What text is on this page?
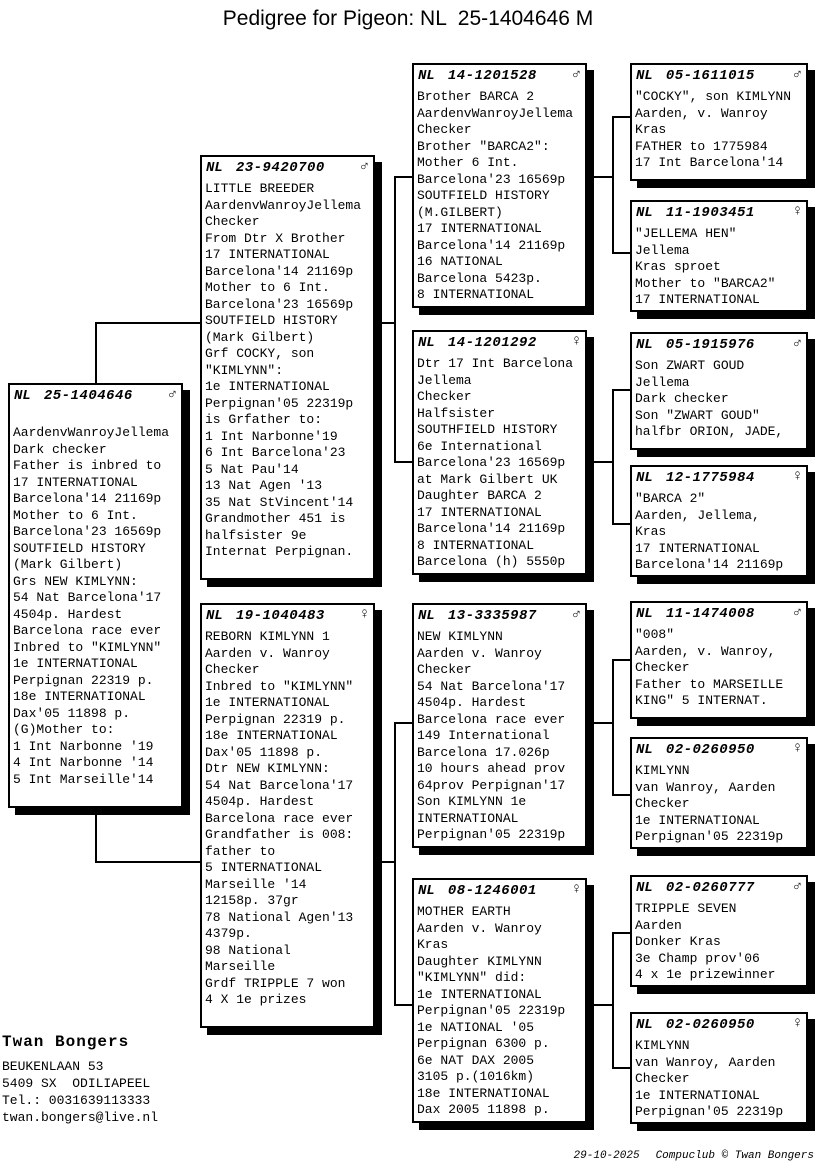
Pedigree for Pigeon: NL  25-1404646 M
NL 25-1404646 ♂
AardenvWanroyJellema
Dark checker
Father is inbred to
17 INTERNATIONAL
Barcelona'14 21169p
Mother to 6 Int.
Barcelona'23 16569p
SOUTFIELD HISTORY
(Mark Gilbert)
Grs NEW KIMLYNN:
54 Nat Barcelona'17
4504p. Hardest
Barcelona race ever
Inbred to "KIMLYNN"
1e INTERNATIONAL
Perpignan 22319 p.
18e INTERNATIONAL
Dax'05 11898 p.
(G)Mother to:
1 Int Narbonne '19
4 Int Narbonne '14
5 Int Marseille'14
NL 23-9420700 ♂
LITTLE BREEDER
AardenvWanroyJellema
Checker
From Dtr X Brother
17 INTERNATIONAL
Barcelona'14 21169p
Mother to 6 Int.
Barcelona'23 16569p
SOUTFIELD HISTORY
(Mark Gilbert)
Grf COCKY, son
"KIMLYNN":
1e INTERNATIONAL
Perpignan'05 22319p
is Grfather to:
1 Int Narbonne'19
6 Int Barcelona'23
5 Nat Pau'14
13 Nat Agen '13
35 Nat StVincent'14
Grandmother 451 is
halfsister 9e
Internat Perpignan.
NL 19-1040483 ♀
REBORN KIMLYNN 1
Aarden v. Wanroy
Checker
Inbred to "KIMLYNN"
1e INTERNATIONAL
Perpignan 22319 p.
18e INTERNATIONAL
Dax'05 11898 p.
Dtr NEW KIMLYNN:
54 Nat Barcelona'17
4504p. Hardest
Barcelona race ever
Grandfather is 008:
father to
5 INTERNATIONAL
Marseille '14
12158p. 37gr
78 National Agen'13
4379p.
98 National
Marseille
Grdf TRIPPLE 7 won
4 X 1e prizes
NL 14-1201528 ♂
Brother BARCA 2
AardenvWanroyJellema
Checker
Brother "BARCA2":
Mother 6 Int.
Barcelona'23 16569p
SOUTFIELD HISTORY
(M.GILBERT)
17 INTERNATIONAL
Barcelona'14 21169p
16 NATIONAL
Barcelona 5423p.
8 INTERNATIONAL
NL 14-1201292 ♀
Dtr 17 Int Barcelona
Jellema
Checker
Halfsister
SOUTHFIELD HISTORY
6e International
Barcelona'23 16569p
at Mark Gilbert UK
Daughter BARCA 2
17 INTERNATIONAL
Barcelona'14 21169p
8 INTERNATIONAL
Barcelona (h) 5550p
NL 13-3335987 ♂
NEW KIMLYNN
Aarden v. Wanroy
Checker
54 Nat Barcelona'17
4504p. Hardest
Barcelona race ever
149 International
Barcelona 17.026p
10 hours ahead prov
64prov Perpignan'17
Son KIMLYNN 1e
INTERNATIONAL
Perpignan'05 22319p
NL 08-1246001 ♀
MOTHER EARTH
Aarden v. Wanroy
Kras
Daughter KIMLYNN
"KIMLYNN" did:
1e INTERNATIONAL
Perpignan'05 22319p
1e NATIONAL '05
Perpignan 6300 p.
6e NAT DAX 2005
3105 p.(1016km)
18e INTERNATIONAL
Dax 2005 11898 p.
NL 05-1611015	♂
"COCKY", son KIMLYNN
Aarden, v. Wanroy
Kras
FATHER to 1775984
17 Int Barcelona'14
NL 11-1903451	♀
"JELLEMA HEN"
Jellema
Kras sproet
Mother to "BARCA2"
17 INTERNATIONAL
NL 05-1915976	♂
Son ZWART GOUD
Jellema
Dark checker
Son "ZWART GOUD"
halfbr ORION, JADE,
NL 12-1775984	♀
"BARCA 2"
Aarden, Jellema,
Kras
17 INTERNATIONAL
Barcelona'14 21169p
NL 11-1474008	♂
"008"
Aarden, v. Wanroy,
Checker
Father to MARSEILLE
KING" 5 INTERNAT.
NL 02-0260950	♀
KIMLYNN
van Wanroy, Aarden
Checker
1e INTERNATIONAL
Perpignan'05 22319p
NL 02-0260777	♂
TRIPPLE SEVEN
Aarden
Donker Kras
3e Champ prov'06
4 x 1e prizewinner
NL 02-0260950	♀
KIMLYNN
van Wanroy, Aarden
Checker
1e INTERNATIONAL
Perpignan'05 22319p
Twan Bongers
BEUKENLAAN 53
5409 SX  ODILIAPEEL
Tel.: 0031639113333
twan.bongers@live.nl

29-10-2025 Compuclub © Twan Bongers
